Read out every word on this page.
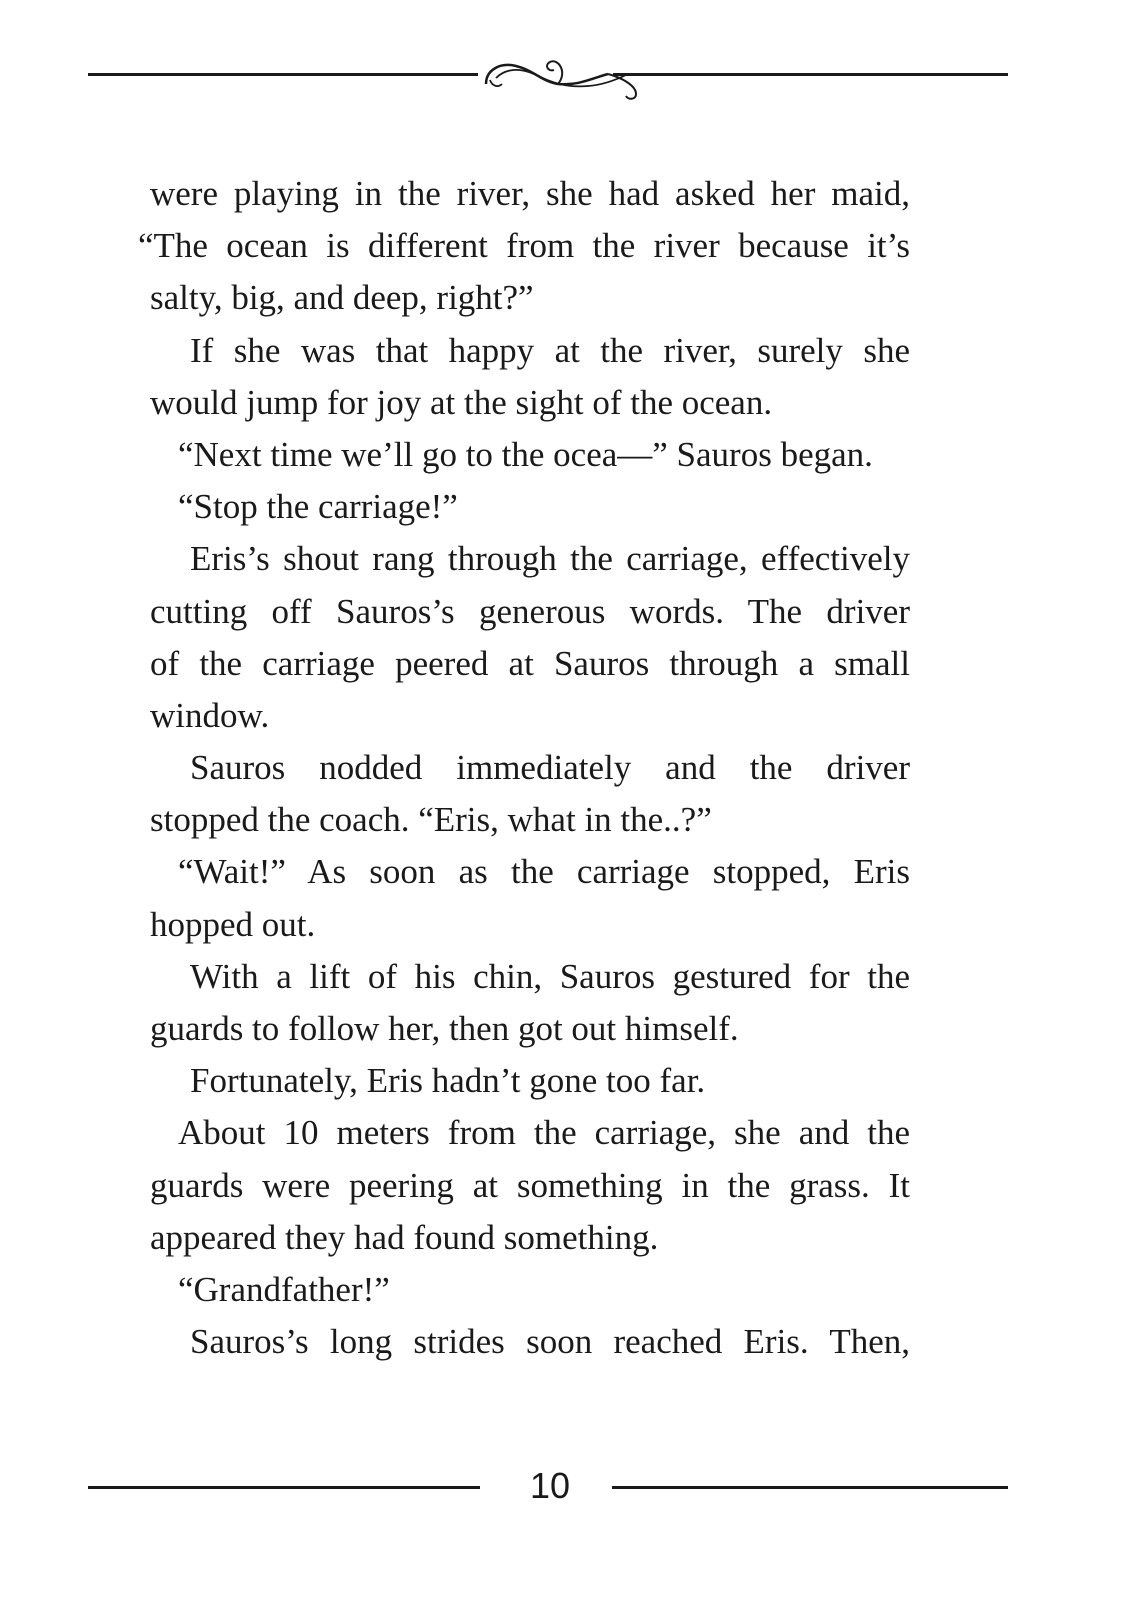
were playing in the river, she had asked her maid,
“The ocean is different from the river because it’s
salty, big, and deep, right?”
If she was that happy at the river, surely she
would jump for joy at the sight of the ocean.
“Next time we’ll go to the ocea—” Sauros began.
“Stop the carriage!”
Eris’s shout rang through the carriage, effectively
cutting off Sauros’s generous words. The driver
of the carriage peered at Sauros through a small
window.
Sauros nodded immediately and the driver
stopped the coach. “Eris, what in the..?”
“Wait!” As soon as the carriage stopped, Eris
hopped out.
With a lift of his chin, Sauros gestured for the
guards to follow her, then got out himself.
Fortunately, Eris hadn’t gone too far.
About 10 meters from the carriage, she and the
guards were peering at something in the grass. It
appeared they had found something.
“Grandfather!”
Sauros’s long strides soon reached Eris. Then,
10
